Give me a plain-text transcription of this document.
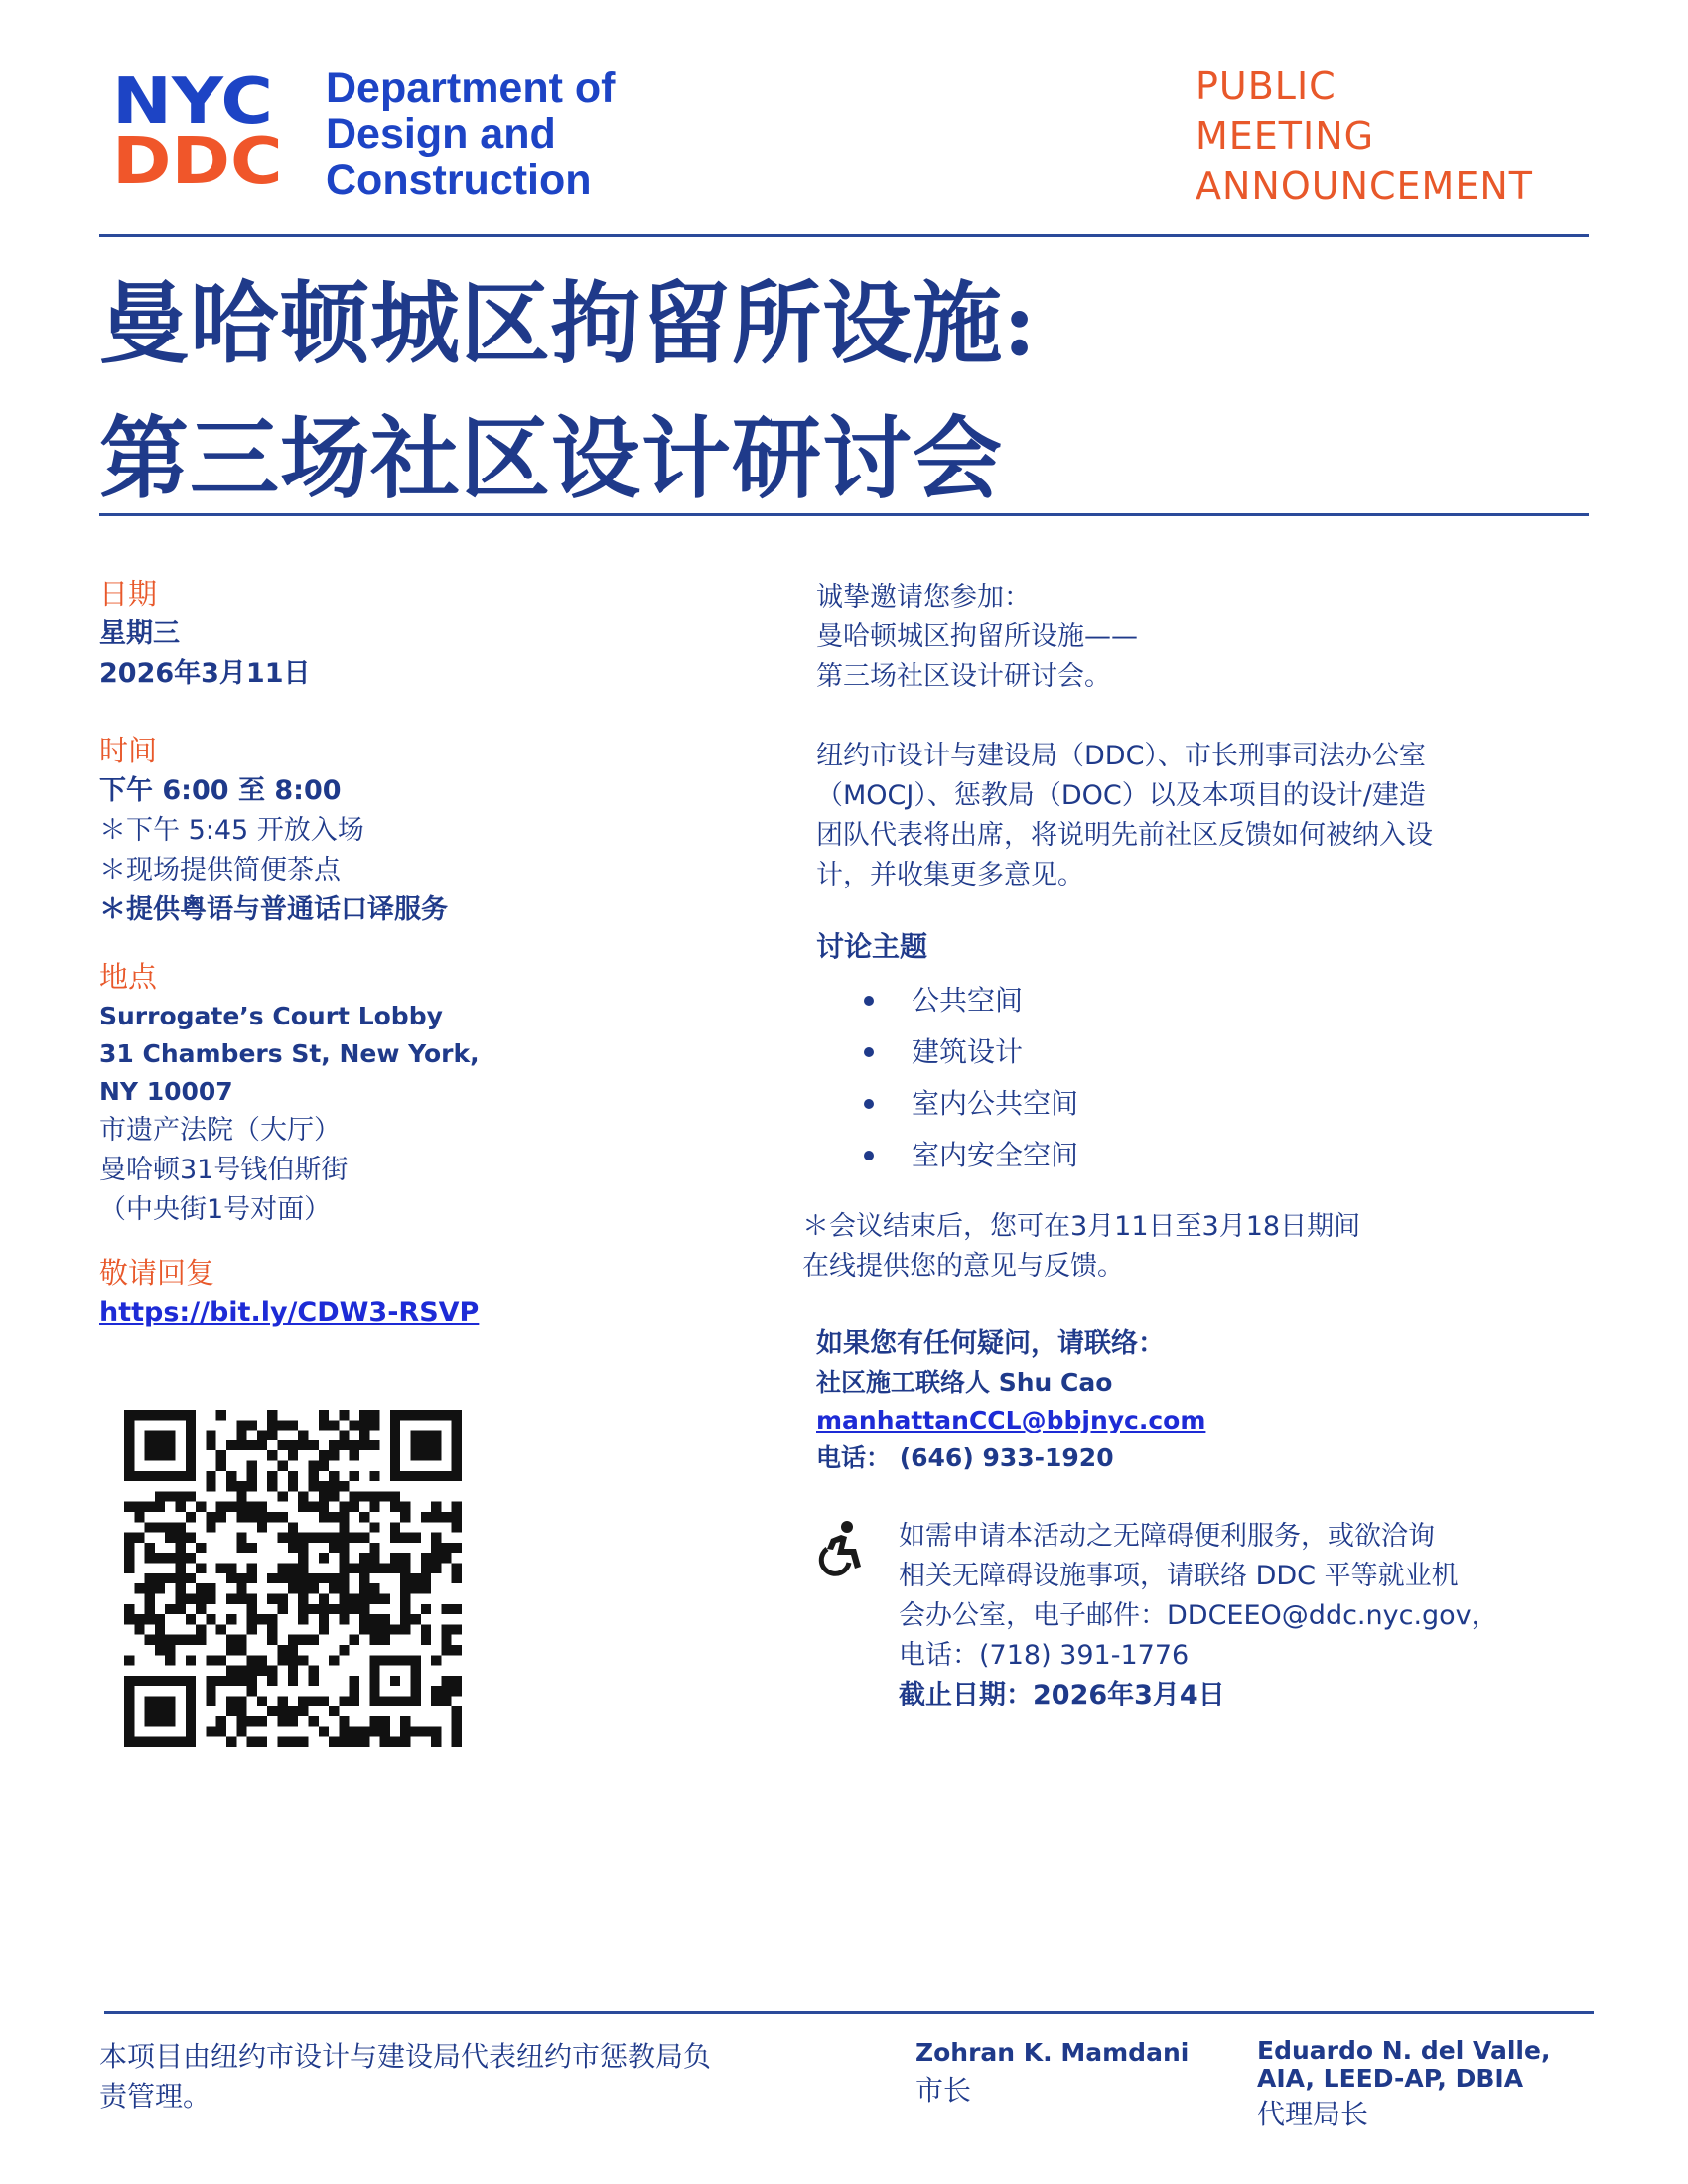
NYC
DDC
Department of
Design and
Construction
PUBLIC
MEETING
ANNOUNCEMENT
曼哈顿城区拘留所设施:
第三场社区设计研讨会
日期
星期三
2026年3月11日
时间
下午 6:00 至 8:00
＊下午 5:45 开放入场
＊现场提供简便茶点
＊提供粤语与普通话口译服务
地点
Surrogate’s Court Lobby
31 Chambers St, New York,
NY 10007
市遗产法院（大厅）
曼哈顿31号钱伯斯街
（中央街1号对面）
敬请回复
https://bit.ly/CDW3-RSVP
诚挚邀请您参加：
曼哈顿城区拘留所设施——
第三场社区设计研讨会。
纽约市设计与建设局（DDC）、市长刑事司法办公室
（MOCJ）、惩教局（DOC）以及本项目的设计/建造
团队代表将出席，将说明先前社区反馈如何被纳入设
计，并收集更多意见。
讨论主题
公共空间
建筑设计
室内公共空间
室内安全空间
＊会议结束后，您可在3月11日至3月18日期间
在线提供您的意见与反馈。
如果您有任何疑问，请联络：
社区施工联络人 Shu Cao
manhattanCCL@bbjnyc.com
电话： (646) 933-1920
如需申请本活动之无障碍便利服务，或欲洽询
相关无障碍设施事项，请联络 DDC 平等就业机
会办公室，电子邮件：DDCEEO@ddc.nyc.gov，
电话：(718) 391-1776
截止日期：2026年3月4日
本项目由纽约市设计与建设局代表纽约市惩教局负
责管理。
Zohran K. Mamdani
市长
Eduardo N. del Valle,
AIA, LEED-AP, DBIA
代理局长
